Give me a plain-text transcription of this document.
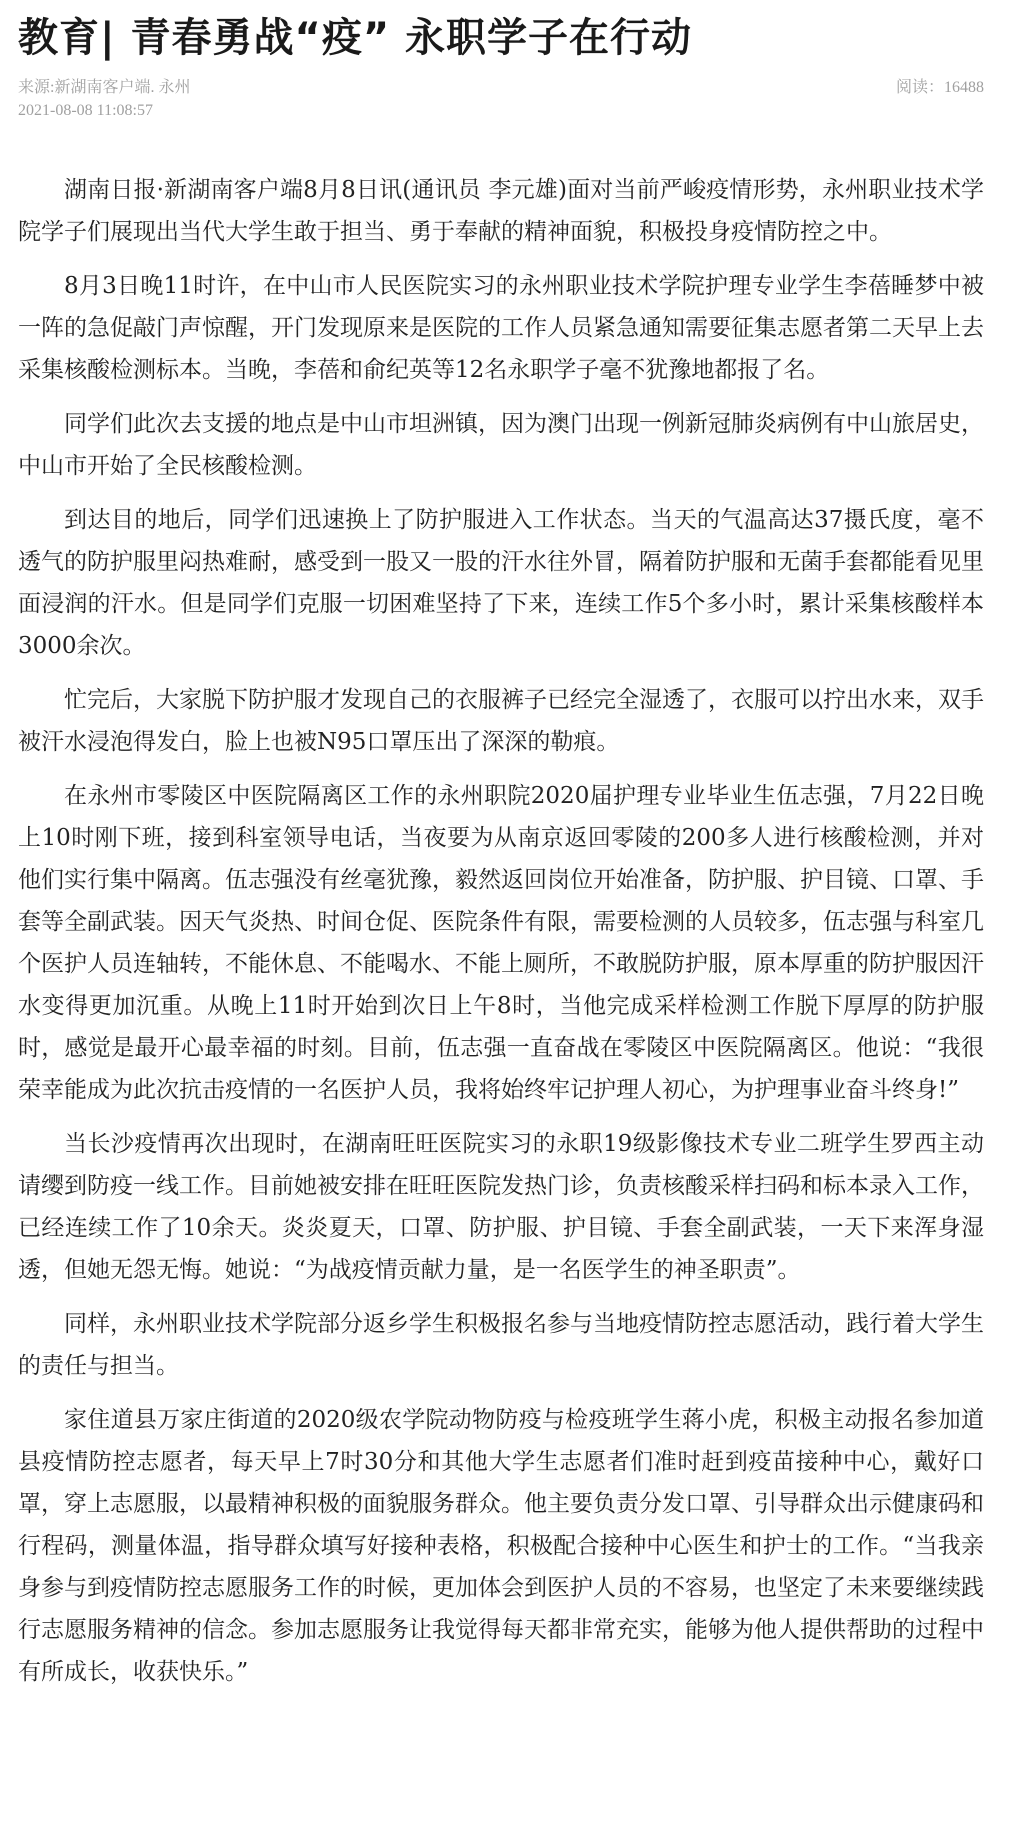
教育| 青春勇战“疫” 永职学子在行动
来源:新湖南客户端. 永州
2021-08-08 11:08:57
阅读：16488

湖南日报·新湖南客户端8月8日讯(通讯员 李元雄)面对当前严峻疫情形势，永州职业技术学院学子们展现出当代大学生敢于担当、勇于奉献的精神面貌，积极投身疫情防控之中。

8月3日晚11时许，在中山市人民医院实习的永州职业技术学院护理专业学生李蓓睡梦中被一阵的急促敲门声惊醒，开门发现原来是医院的工作人员紧急通知需要征集志愿者第二天早上去采集核酸检测标本。当晚，李蓓和俞纪英等12名永职学子毫不犹豫地都报了名。

同学们此次去支援的地点是中山市坦洲镇，因为澳门出现一例新冠肺炎病例有中山旅居史，中山市开始了全民核酸检测。

到达目的地后，同学们迅速换上了防护服进入工作状态。当天的气温高达37摄氏度，毫不透气的防护服里闷热难耐，感受到一股又一股的汗水往外冒，隔着防护服和无菌手套都能看见里面浸润的汗水。但是同学们克服一切困难坚持了下来，连续工作5个多小时，累计采集核酸样本3000余次。

忙完后，大家脱下防护服才发现自己的衣服裤子已经完全湿透了，衣服可以拧出水来，双手被汗水浸泡得发白，脸上也被N95口罩压出了深深的勒痕。

在永州市零陵区中医院隔离区工作的永州职院2020届护理专业毕业生伍志强，7月22日晚上10时刚下班，接到科室领导电话，当夜要为从南京返回零陵的200多人进行核酸检测，并对他们实行集中隔离。伍志强没有丝毫犹豫，毅然返回岗位开始准备，防护服、护目镜、口罩、手套等全副武装。因天气炎热、时间仓促、医院条件有限，需要检测的人员较多，伍志强与科室几个医护人员连轴转，不能休息、不能喝水、不能上厕所，不敢脱防护服，原本厚重的防护服因汗水变得更加沉重。从晚上11时开始到次日上午8时，当他完成采样检测工作脱下厚厚的防护服时，感觉是最开心最幸福的时刻。目前，伍志强一直奋战在零陵区中医院隔离区。他说：“我很荣幸能成为此次抗击疫情的一名医护人员，我将始终牢记护理人初心，为护理事业奋斗终身!”

当长沙疫情再次出现时，在湖南旺旺医院实习的永职19级影像技术专业二班学生罗西主动请缨到防疫一线工作。目前她被安排在旺旺医院发热门诊，负责核酸采样扫码和标本录入工作，已经连续工作了10余天。炎炎夏天，口罩、防护服、护目镜、手套全副武装，一天下来浑身湿透，但她无怨无悔。她说：“为战疫情贡献力量，是一名医学生的神圣职责”。

同样，永州职业技术学院部分返乡学生积极报名参与当地疫情防控志愿活动，践行着大学生的责任与担当。

家住道县万家庄街道的2020级农学院动物防疫与检疫班学生蒋小虎，积极主动报名参加道县疫情防控志愿者，每天早上7时30分和其他大学生志愿者们准时赶到疫苗接种中心，戴好口罩，穿上志愿服，以最精神积极的面貌服务群众。他主要负责分发口罩、引导群众出示健康码和行程码，测量体温，指导群众填写好接种表格，积极配合接种中心医生和护士的工作。“当我亲身参与到疫情防控志愿服务工作的时候，更加体会到医护人员的不容易，也坚定了未来要继续践行志愿服务精神的信念。参加志愿服务让我觉得每天都非常充实，能够为他人提供帮助的过程中有所成长，收获快乐。”
